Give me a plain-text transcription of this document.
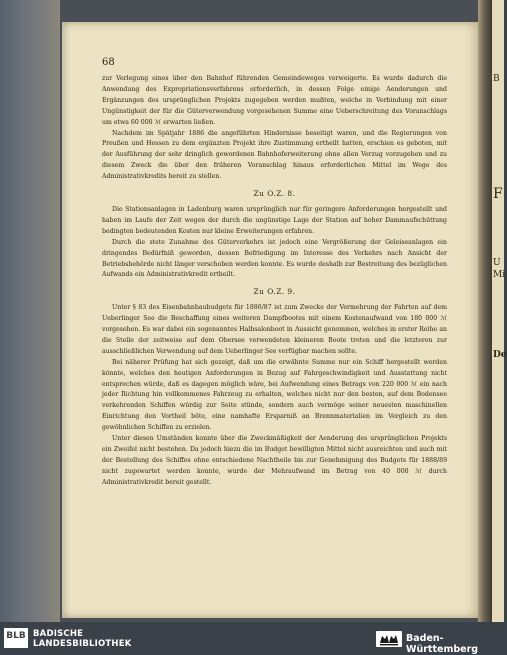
68

zur Verlegung eines über den Bahnhof führenden Gemeindeweges verweigerte. Es wurde dadurch die Anwendung des Expropriationsverfahrens erforderlich, in dessen Folge einige Aenderungen und Ergänzungen des ursprünglichen Projekts zugegeben werden mußten, welche in Verbindung mit einer Ungünstigkeit der für die Güterverwendung vorgesehenen Summe eine Ueberschreitung des Voranschlags um etwa 60 000 ℳ erwarten ließen.

Nachdem im Spätjahr 1886 die angeführten Hindernisse beseitigt waren, und die Regierungen von Preußen und Hessen zu dem ergänzten Projekt ihre Zustimmung ertheilt hatten, erschien es geboten, mit der Ausführung der sehr dringlich gewordenen Bahnhoferweiterung ohne allen Verzug vorzugehen und zu diesem Zweck die über den früheren Voranschlag hinaus erforderlichen Mittel im Wege des Administrativkredits bereit zu stellen.

Zu O.Z. 8.

Die Stationsanlagen in Ladenburg waren ursprünglich nur für geringere Anforderungen hergestellt und haben im Laufe der Zeit wegen der durch die ungünstige Lage der Station auf hoher Dammaufschüttung bedingten bedeutenden Kosten nur kleine Erweiterungen erfahren.

Durch die stete Zunahme des Güterverkehrs ist jedoch eine Vergrößerung der Geleiseanlagen ein dringendes Bedürfniß geworden, dessen Befriedigung im Interesse des Verkehrs nach Ansicht der Betriebsbehörde nicht länger verschoben werden konnte. Es wurde deshalb zur Bestreitung des bezüglichen Aufwands ein Administrativkredit ertheilt.

Zu O.Z. 9.

Unter § 83 des Eisenbahnbaubudgets für 1886/87 ist zum Zwecke der Vermehrung der Fahrten auf dem Ueberlinger See die Beschaffung eines weiteren Dampfbootes mit einem Kostenaufwand von 180 000 ℳ vorgesehen. Es war dabei ein sogenanntes Halbsalonboot in Aussicht genommen, welches in erster Reihe an die Stelle der zeitweise auf dem Obersee verwendeten kleineren Boote treten und die letzteren zur ausschließlichen Verwendung auf dem Ueberlinger See verfügbar machen sollte.

Bei näherer Prüfung hat sich gezeigt, daß um die erwähnte Summe nur ein Schiff hergestellt werden könnte, welches den heutigen Anforderungen in Bezug auf Fahrgeschwindigkeit und Ausstattung nicht entsprechen würde, daß es dagegen möglich wäre, bei Aufwendung eines Betrags von 220 000 ℳ ein nach jeder Richtung hin vollkommenes Fahrzeug zu erhalten, welches nicht nur den besten, auf dem Bodensee verkehrenden Schiffen würdig zur Seite stünde, sondern auch vermöge seiner neuesten maschinellen Einrichtung den Vortheil böte, eine namhafte Ersparniß an Brennmaterialien im Vergleich zu den gewöhnlichen Schiffen zu erzielen.

Unter diesen Umständen konnte über die Zweckmäßigkeit der Aenderung des ursprünglichen Projekts ein Zweifel nicht bestehen. Da jedoch hiezu die im Budget bewilligten Mittel nicht ausreichten und auch mit der Bestellung des Schiffes ohne entschiedene Nachtheile bis zur Genehmigung des Budgets für 1888/89 nicht zugewartet werden konnte, wurde der Mehraufwand im Betrag von 40 000 ℳ durch Administrativkredit bereit gestellt.

B
F
U
Mi
De
BLB BADISCHE
LANDESBIBLIOTHEK	Baden-Württemberg
